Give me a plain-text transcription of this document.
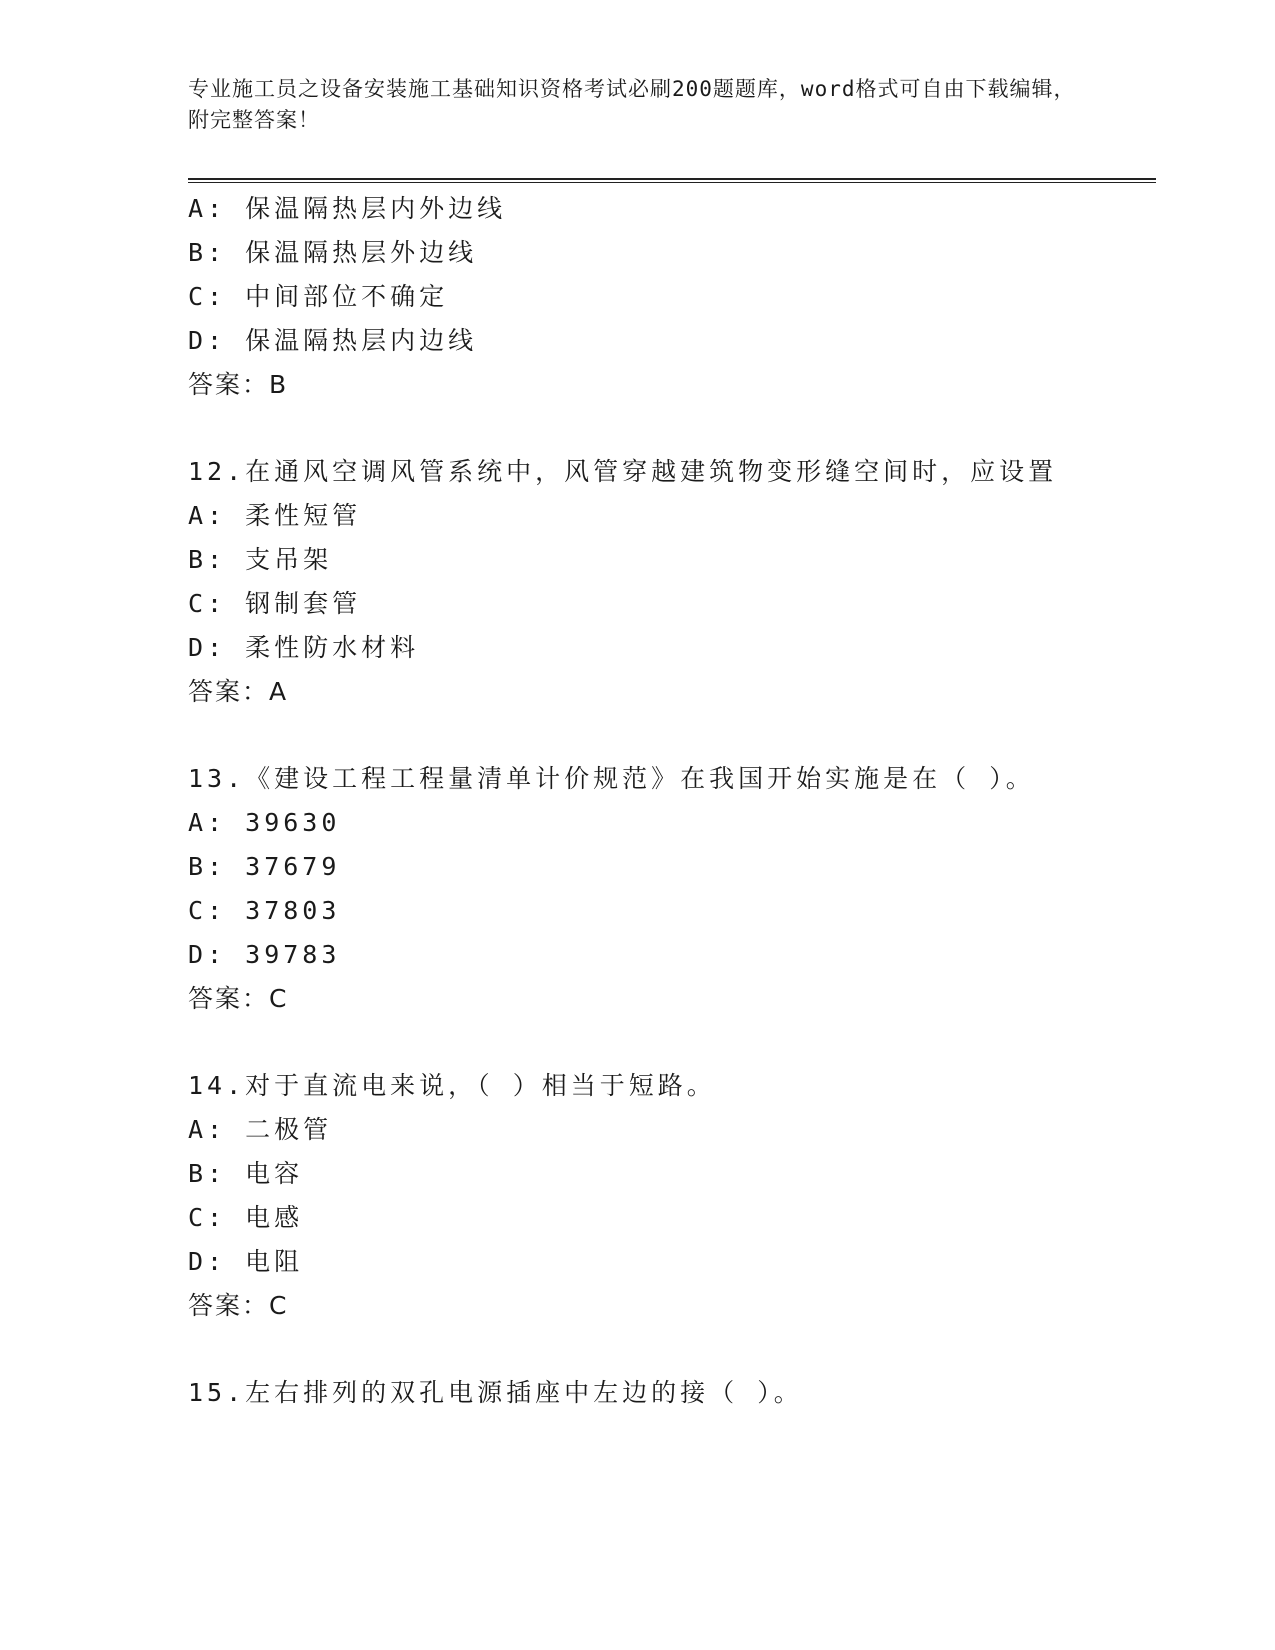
专业施工员之设备安装施工基础知识资格考试必刷200题题库，word格式可自由下载编辑，附完整答案！
A: 保温隔热层内外边线
B: 保温隔热层外边线
C: 中间部位不确定
D: 保温隔热层内边线
答案：B
12.在通风空调风管系统中，风管穿越建筑物变形缝空间时，应设置
A: 柔性短管
B: 支吊架
C: 钢制套管
D: 柔性防水材料
答案：A
13.《建设工程工程量清单计价规范》在我国开始实施是在（ ）。
A: 39630
B: 37679
C: 37803
D: 39783
答案：C
14.对于直流电来说，（ ）相当于短路。
A: 二极管
B: 电容
C: 电感
D: 电阻
答案：C
15.左右排列的双孔电源插座中左边的接（ ）。
